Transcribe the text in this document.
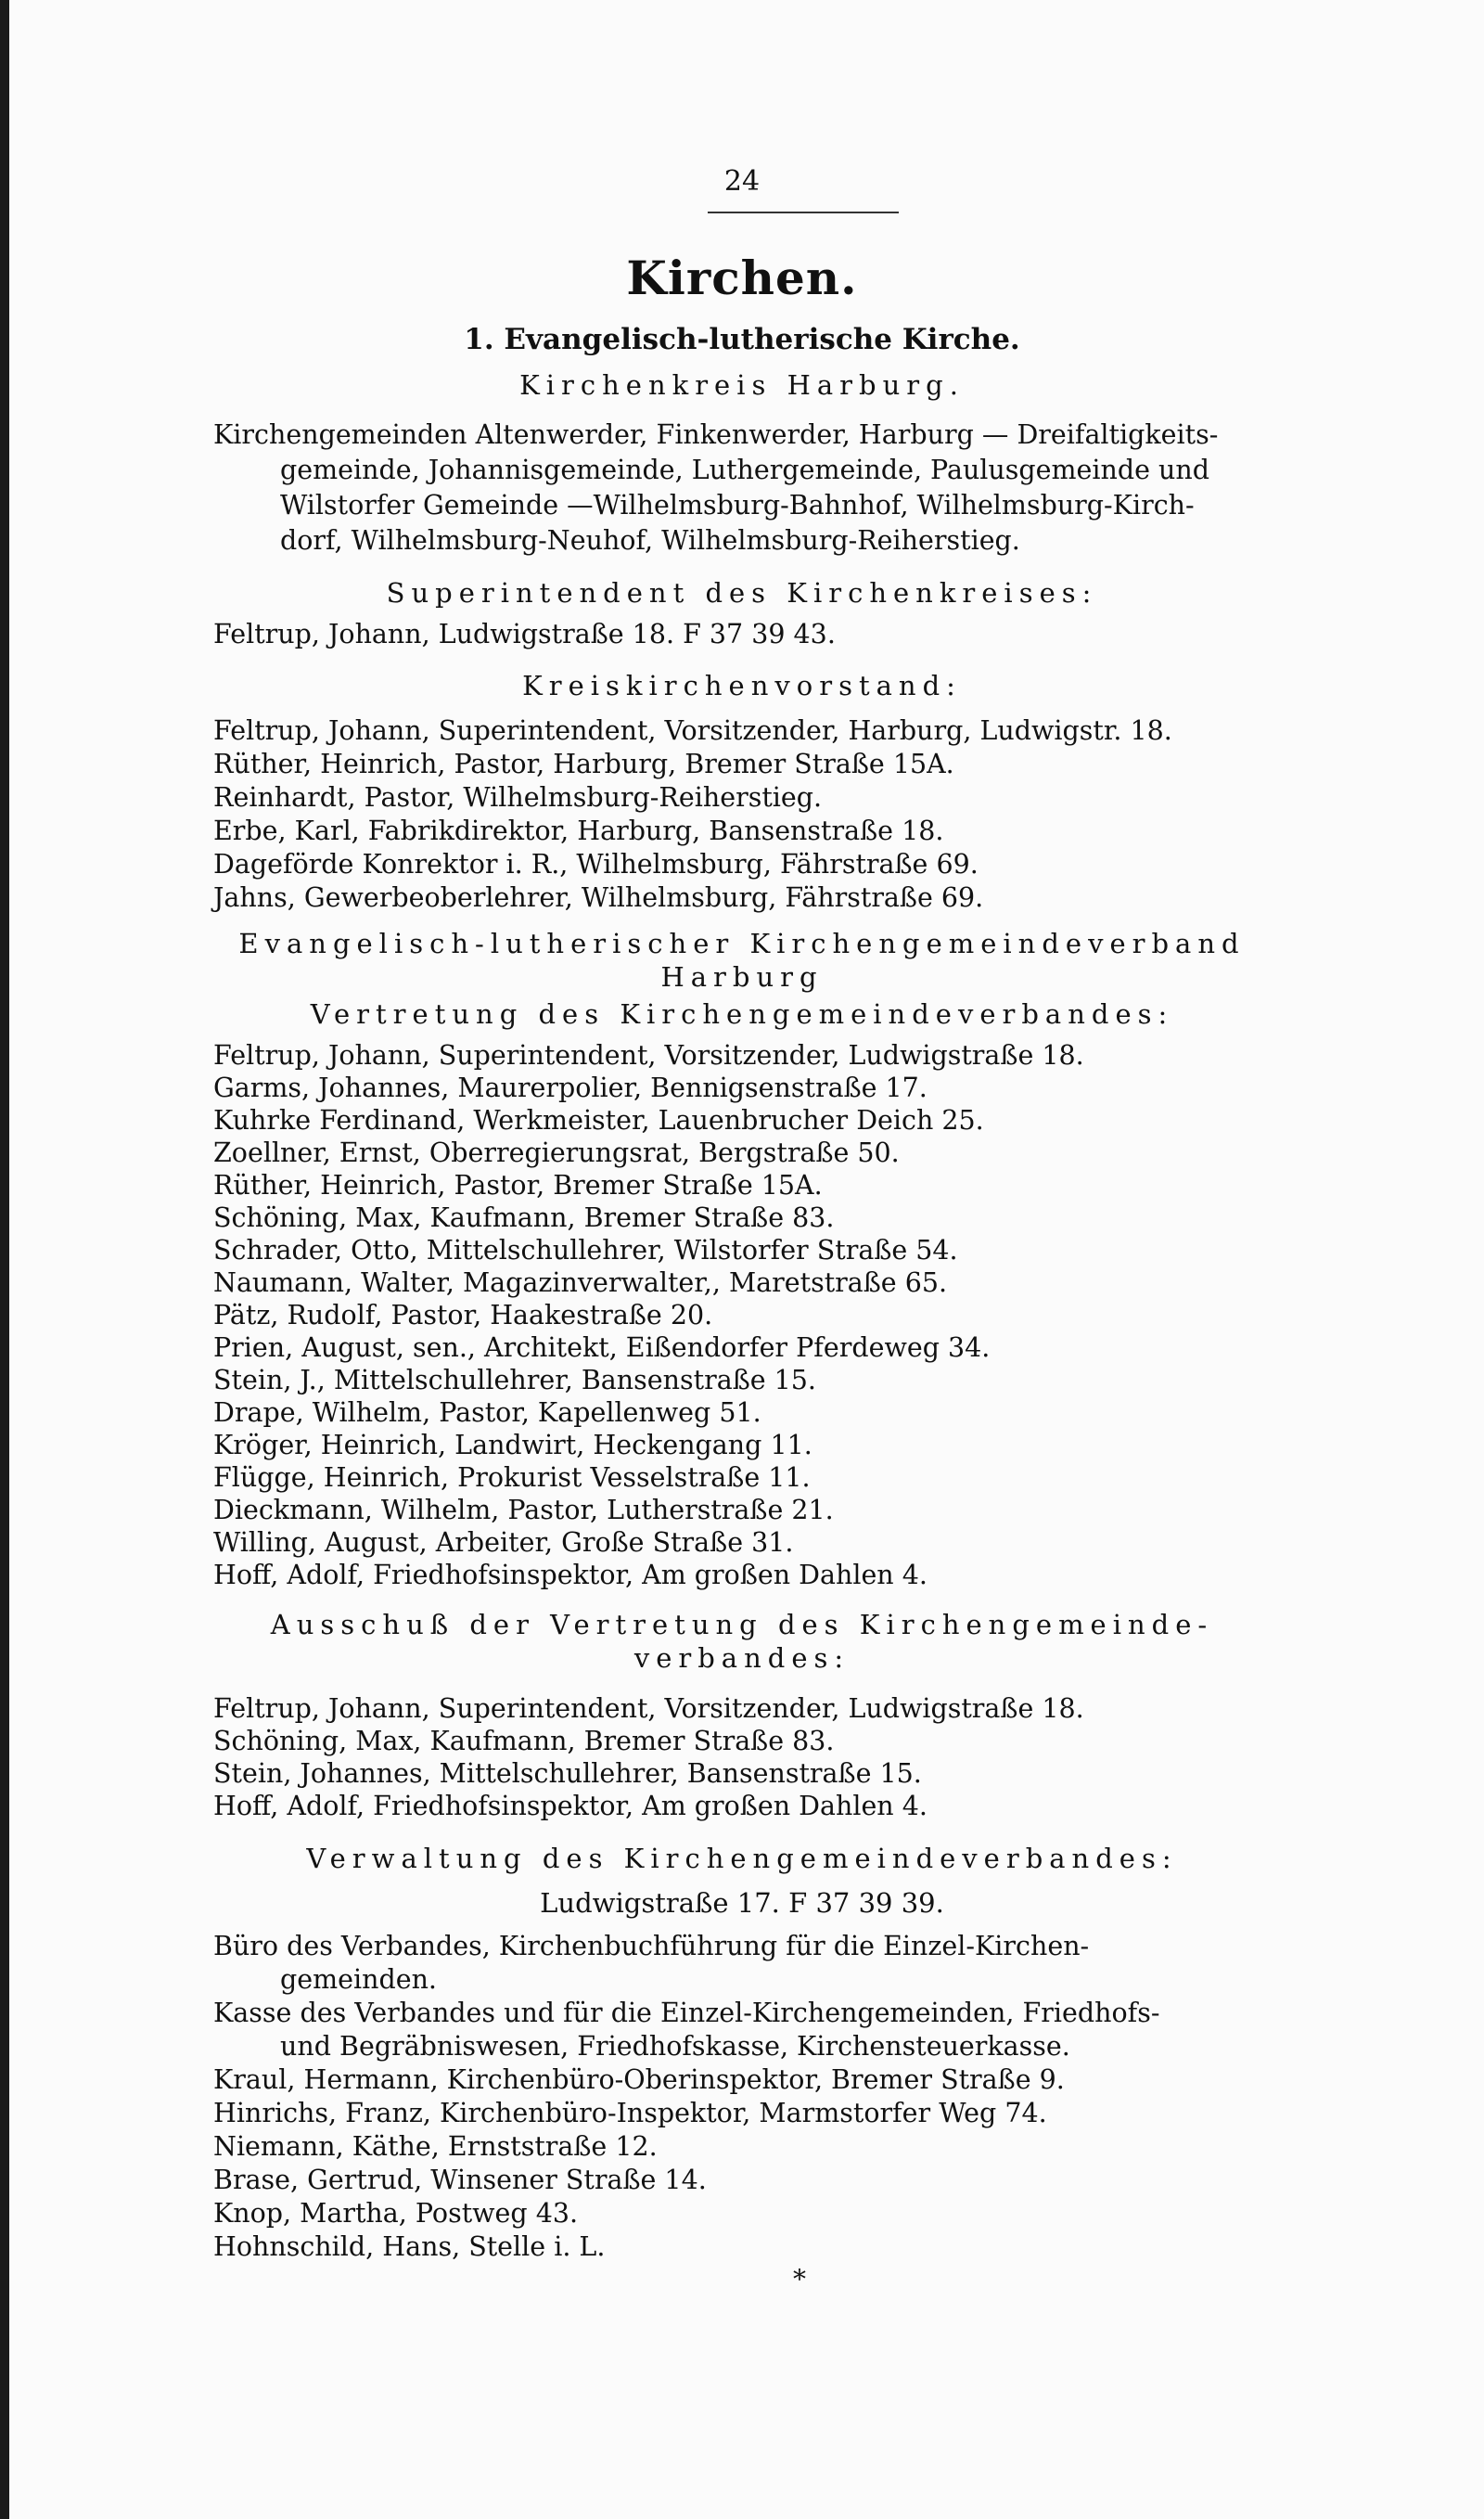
24
Kirchen.
1. Evangelisch-lutherische Kirche.
Kirchenkreis Harburg.
Kirchengemeinden Altenwerder, Finkenwerder, Harburg — Dreifaltigkeits-
gemeinde, Johannisgemeinde, Luthergemeinde, Paulusgemeinde und
Wilstorfer Gemeinde —Wilhelmsburg-Bahnhof, Wilhelmsburg-Kirch-
dorf, Wilhelmsburg-Neuhof, Wilhelmsburg-Reiherstieg.
Superintendent des Kirchenkreises:
Feltrup, Johann, Ludwigstraße 18. F 37 39 43.
Kreiskirchenvorstand:
Feltrup, Johann, Superintendent, Vorsitzender, Harburg, Ludwigstr. 18.
Rüther, Heinrich, Pastor, Harburg, Bremer Straße 15A.
Reinhardt, Pastor, Wilhelmsburg-Reiherstieg.
Erbe, Karl, Fabrikdirektor, Harburg, Bansenstraße 18.
Dageförde Konrektor i. R., Wilhelmsburg, Fährstraße 69.
Jahns, Gewerbeoberlehrer, Wilhelmsburg, Fährstraße 69.
Evangelisch-lutherischer Kirchengemeindeverband
Harburg
Vertretung des Kirchengemeindeverbandes:
Feltrup, Johann, Superintendent, Vorsitzender, Ludwigstraße 18.
Garms, Johannes, Maurerpolier, Bennigsenstraße 17.
Kuhrke Ferdinand, Werkmeister, Lauenbrucher Deich 25.
Zoellner, Ernst, Oberregierungsrat, Bergstraße 50.
Rüther, Heinrich, Pastor, Bremer Straße 15A.
Schöning, Max, Kaufmann, Bremer Straße 83.
Schrader, Otto, Mittelschullehrer, Wilstorfer Straße 54.
Naumann, Walter, Magazinverwalter,, Maretstraße 65.
Pätz, Rudolf, Pastor, Haakestraße 20.
Prien, August, sen., Architekt, Eißendorfer Pferdeweg 34.
Stein, J., Mittelschullehrer, Bansenstraße 15.
Drape, Wilhelm, Pastor, Kapellenweg 51.
Kröger, Heinrich, Landwirt, Heckengang 11.
Flügge, Heinrich, Prokurist Vesselstraße 11.
Dieckmann, Wilhelm, Pastor, Lutherstraße 21.
Willing, August, Arbeiter, Große Straße 31.
Hoff, Adolf, Friedhofsinspektor, Am großen Dahlen 4.
Ausschuß der Vertretung des Kirchengemeinde-
verbandes:
Feltrup, Johann, Superintendent, Vorsitzender, Ludwigstraße 18.
Schöning, Max, Kaufmann, Bremer Straße 83.
Stein, Johannes, Mittelschullehrer, Bansenstraße 15.
Hoff, Adolf, Friedhofsinspektor, Am großen Dahlen 4.
Verwaltung des Kirchengemeindeverbandes:
Ludwigstraße 17. F 37 39 39.
Büro des Verbandes, Kirchenbuchführung für die Einzel-Kirchen-
gemeinden.
Kasse des Verbandes und für die Einzel-Kirchengemeinden, Friedhofs-
und Begräbniswesen, Friedhofskasse, Kirchensteuerkasse.
Kraul, Hermann, Kirchenbüro-Oberinspektor, Bremer Straße 9.
Hinrichs, Franz, Kirchenbüro-Inspektor, Marmstorfer Weg 74.
Niemann, Käthe, Ernststraße 12.
Brase, Gertrud, Winsener Straße 14.
Knop, Martha, Postweg 43.
Hohnschild, Hans, Stelle i. L.
*
